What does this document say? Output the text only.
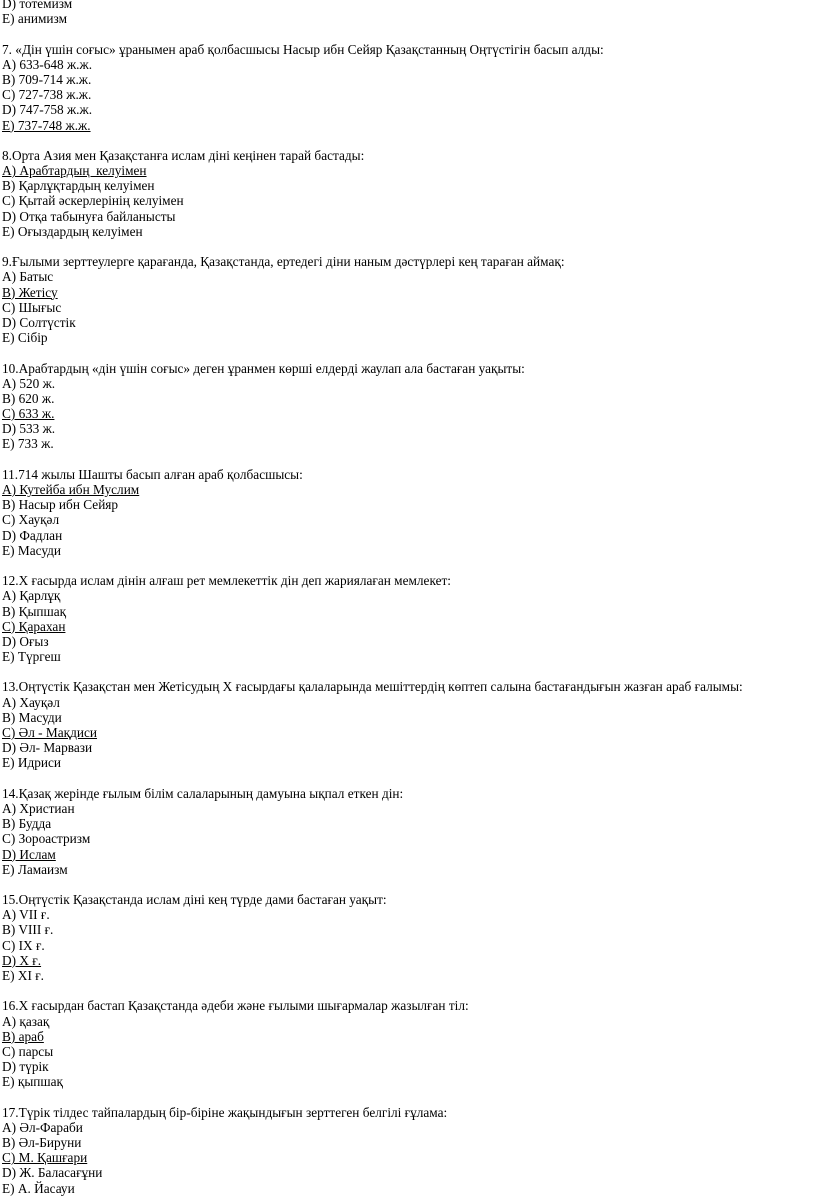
D) тотемизм
E) анимизм
7. «Дін үшін соғыс» ұранымен араб қолбасшысы Насыр ибн Сейяр Қазақстанның Оңтүстігін басып алды:
A) 633-648 ж.ж.
B) 709-714 ж.ж.
C) 727-738 ж.ж.
D) 747-758 ж.ж.
E) 737-748 ж.ж.
8.Орта Азия мен Қазақстанға ислам діні кеңінен тарай бастады:
A) Арабтардың  келуімен
B) Қарлұқтардың келуімен
C) Қытай әскерлерінің келуімен
D) Отқа табынуға байланысты
E) Оғыздардың келуімен
9.Ғылыми зерттеулерге қарағанда, Қазақстанда, ертедегі діни наным дәстүрлері кең тараған аймақ:
A) Батыс
B) Жетісу
C) Шығыс
D) Солтүстік
E) Сібір
10.Арабтардың «дін үшін соғыс» деген ұранмен көрші елдерді жаулап ала бастаған уақыты:
A) 520 ж.
B) 620 ж.
C) 633 ж.
D) 533 ж.
E) 733 ж.
11.714 жылы Шашты басып алған араб қолбасшысы:
A) Кутейба ибн Муслим
B) Насыр ибн Сейяр
C) Хауқәл
D) Фадлан
E) Масуди
12.Х ғасырда ислам дінін алғаш рет мемлекеттік дін деп жариялаған мемлекет:
A) Қарлұқ
B) Қыпшақ
C) Қарахан
D) Оғыз
E) Түргеш
13.Оңтүстік Қазақстан мен Жетісудың Х ғасырдағы қалаларында мешіттердің көптеп салына бастағандығын жазған араб ғалымы:
A) Хауқәл
B) Масуди
C) Әл - Мақдиси
D) Әл- Марвази
E) Идриси
14.Қазақ жерінде ғылым білім салаларының дамуына ықпал еткен дін:
A) Христиан
B) Будда
C) Зороастризм
D) Ислам
E) Ламаизм
15.Оңтүстік Қазақстанда ислам діні кең түрде дами бастаған уақыт:
A) VII ғ.
B) VIII ғ.
C) IX ғ.
D) X ғ.
E) XI ғ.
16.Х ғасырдан бастап Қазақстанда әдеби және ғылыми шығармалар жазылған тіл:
A) қазақ
B) араб
C) парсы
D) түрік
E) қыпшақ
17.Түрік тілдес тайпалардың бір-біріне жақындығын зерттеген белгілі ғұлама:
A) Әл-Фараби
B) Әл-Бируни
C) М. Қашғари
D) Ж. Баласағұни
E) А. Йасауи
